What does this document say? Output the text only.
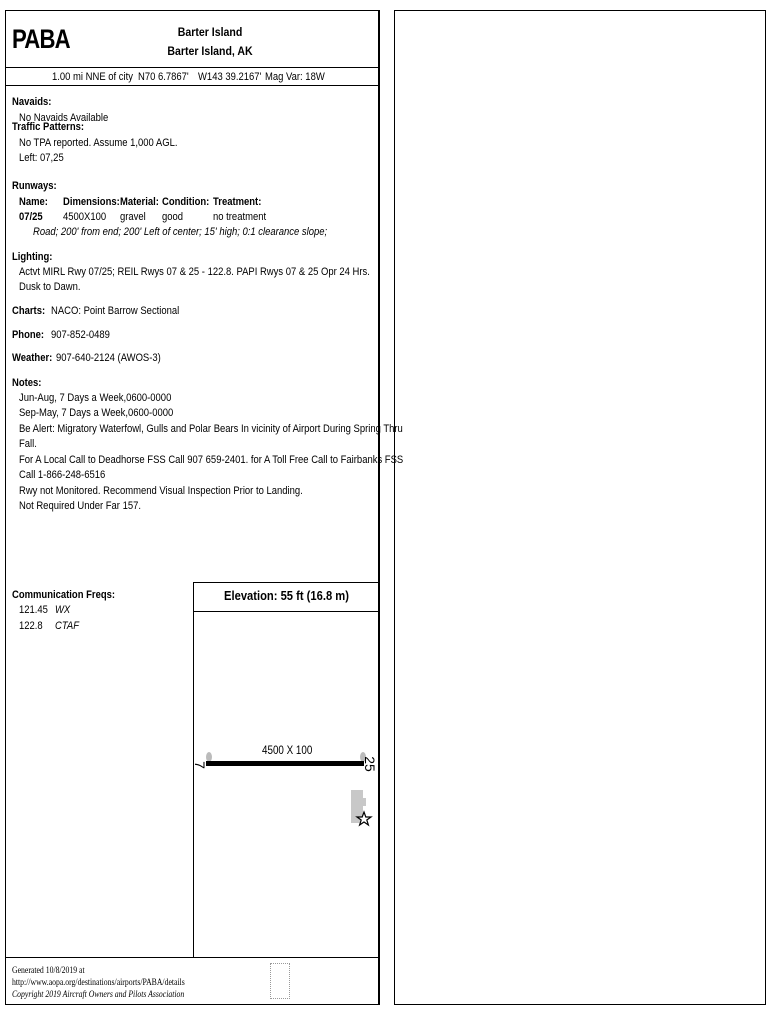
PABA	Barter Island
Barter Island, AK
1.00 mi NNE of city N70 6.7867' W143 39.2167' Mag Var: 18W
Navaids:
No Navaids Available
Traffic Patterns:
No TPA reported. Assume 1,000 AGL.
Left: 07,25
Runways:
Name: Dimensions: Material: Condition: Treatment:
07/25 4500X100 gravel good	no treatment
Road; 200' from end; 200' Left of center; 15' high; 0:1 clearance slope;
Lighting:
Actvt MIRL Rwy 07/25; REIL Rwys 07 & 25 - 122.8. PAPI Rwys 07 & 25 Opr 24 Hrs.
Dusk to Dawn.
Charts: NACO: Point Barrow Sectional
Phone: 907-852-0489
Weather: 907-640-2124 (AWOS-3)
Notes:
Jun-Aug, 7 Days a Week,0600-0000
Sep-May, 7 Days a Week,0600-0000
Be Alert: Migratory Waterfowl, Gulls and Polar Bears In vicinity of Airport During Spring Thru
Fall.
For A Local Call to Deadhorse FSS Call 907 659-2401. for A Toll Free Call to Fairbanks FSS
Call 1-866-248-6516
Rwy not Monitored. Recommend Visual Inspection Prior to Landing.
Not Required Under Far 157.
Communication Freqs:
121.45 WX
122.8 CTAF
Elevation: 55 ft (16.8 m)
4500 X 100
7	25
Generated 10/8/2019 at
http://www.aopa.org/destinations/airports/PABA/details
Copyright 2019 Aircraft Owners and Pilots Association
